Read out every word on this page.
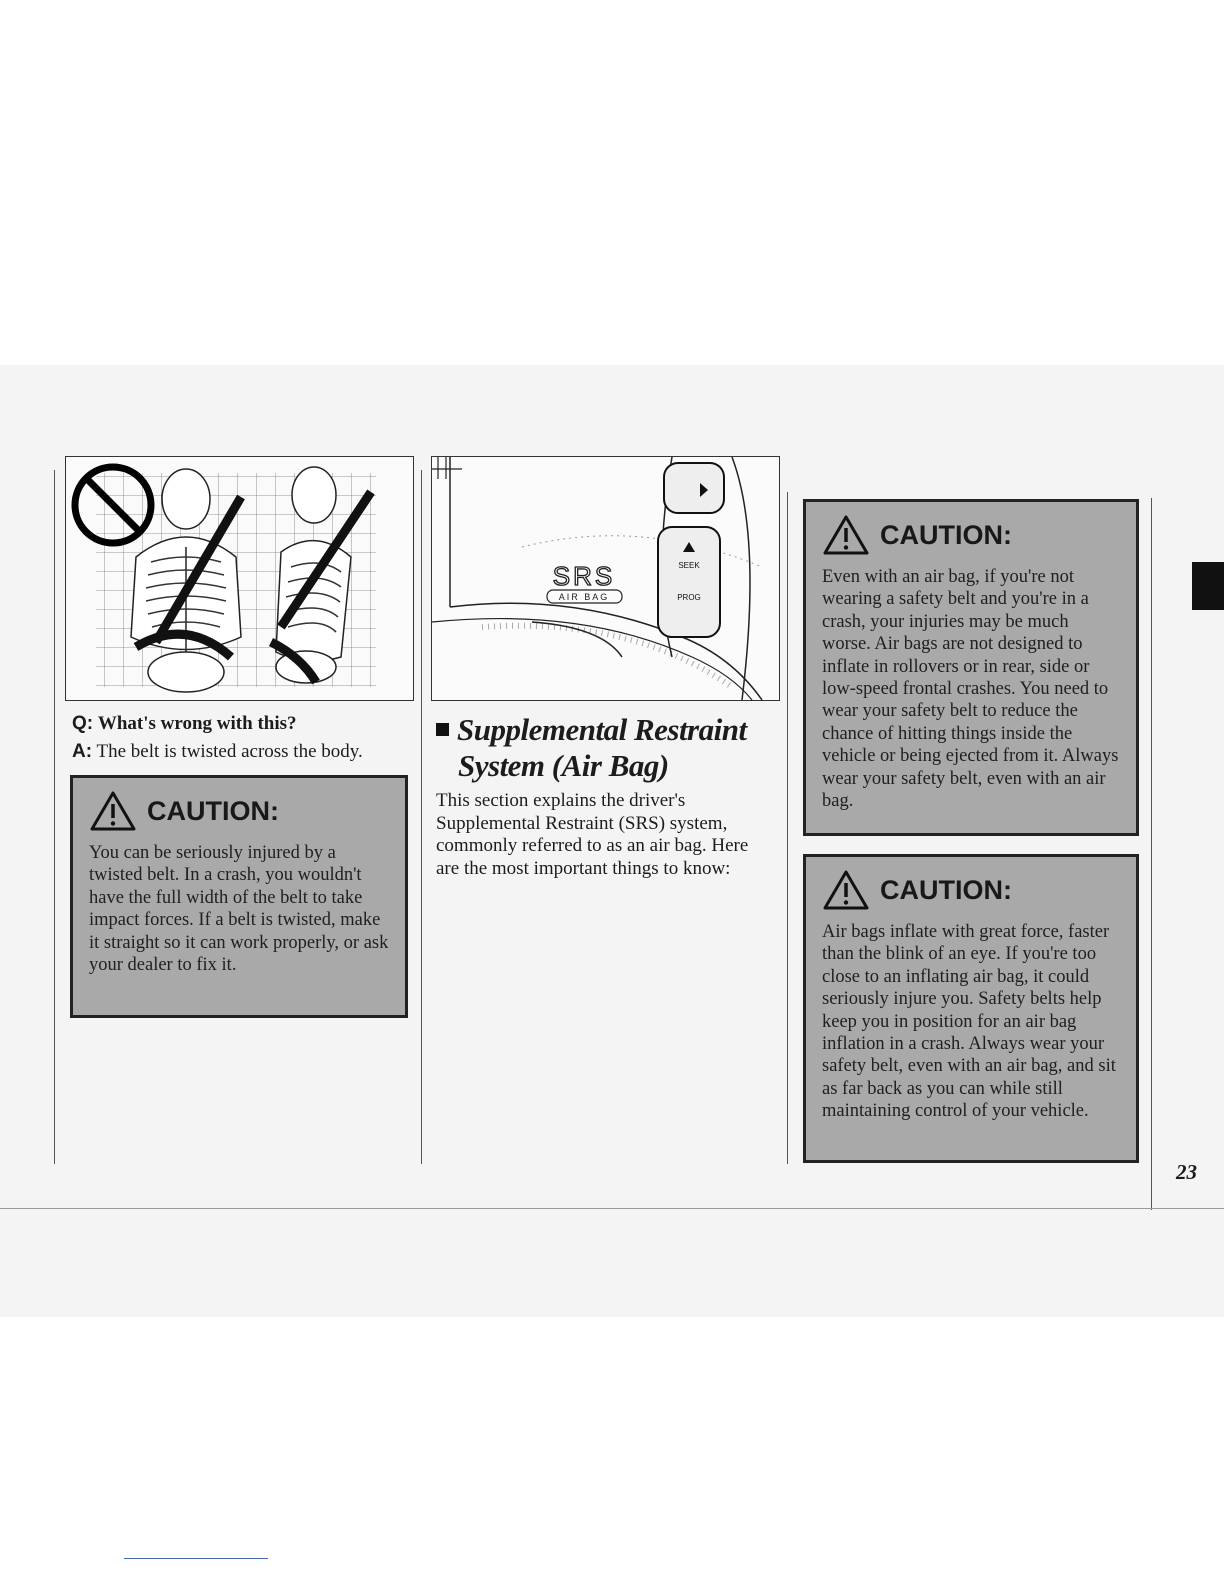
23
Q: What's wrong with this?
A: The belt is twisted across the body.
CAUTION:
You can be seriously injured by a twisted belt. In a crash, you wouldn't have the full width of the belt to take impact forces. If a belt is twisted, make it straight so it can work properly, or ask your dealer to fix it.
SEEK
PROG
SRS
AIR BAG
Supplemental Restraint
System (Air Bag)
This section explains the driver's Supplemental Restraint (SRS) system, commonly referred to as an air bag. Here are the most important things to know:
CAUTION:
Even with an air bag, if you're not wearing a safety belt and you're in a crash, your injuries may be much worse. Air bags are not designed to inflate in rollovers or in rear, side or low-speed frontal crashes. You need to wear your safety belt to reduce the chance of hitting things inside the vehicle or being ejected from it. Always wear your safety belt, even with an air bag.
CAUTION:
Air bags inflate with great force, faster than the blink of an eye. If you're too close to an inflating air bag, it could seriously injure you. Safety belts help keep you in position for an air bag inflation in a crash. Always wear your safety belt, even with an air bag, and sit as far back as you can while still maintaining control of your vehicle.
